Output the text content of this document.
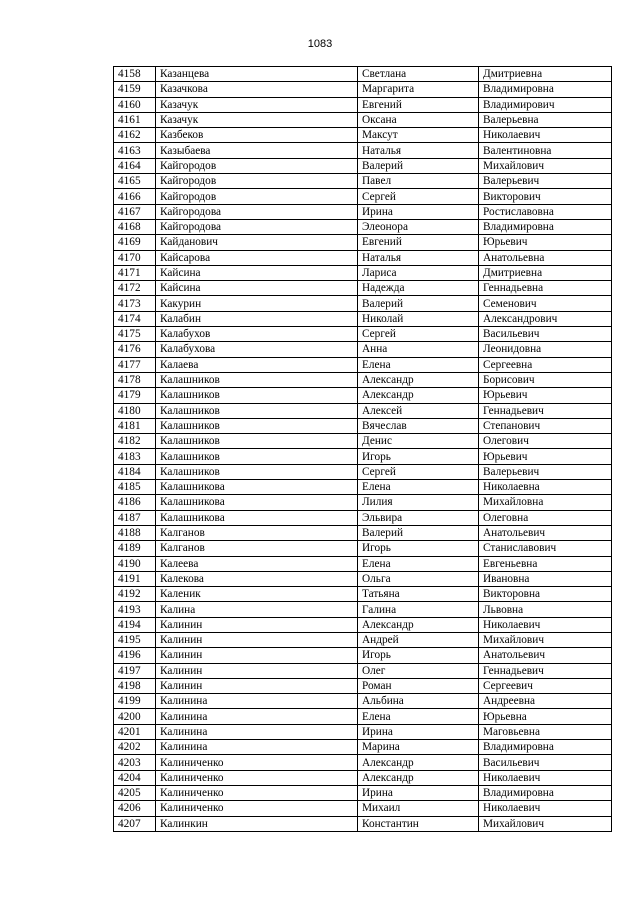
1083
4158	Казанцева	Светлана	Дмитриевна
4159	Казачкова	Маргарита	Владимировна
4160	Казачук	Евгений	Владимирович
4161	Казачук	Оксана	Валерьевна
4162	Казбеков	Максут	Николаевич
4163	Казыбаева	Наталья	Валентиновна
4164	Кайгородов	Валерий	Михайлович
4165	Кайгородов	Павел	Валерьевич
4166	Кайгородов	Сергей	Викторович
4167	Кайгородова	Ирина	Ростиславовна
4168	Кайгородова	Элеонора	Владимировна
4169	Кайданович	Евгений	Юрьевич
4170	Кайсарова	Наталья	Анатольевна
4171	Кайсина	Лариса	Дмитриевна
4172	Кайсина	Надежда	Геннадьевна
4173	Какурин	Валерий	Семенович
4174	Калабин	Николай	Александрович
4175	Калабухов	Сергей	Васильевич
4176	Калабухова	Анна	Леонидовна
4177	Калаева	Елена	Сергеевна
4178	Калашников	Александр	Борисович
4179	Калашников	Александр	Юрьевич
4180	Калашников	Алексей	Геннадьевич
4181	Калашников	Вячеслав	Степанович
4182	Калашников	Денис	Олегович
4183	Калашников	Игорь	Юрьевич
4184	Калашников	Сергей	Валерьевич
4185	Калашникова	Елена	Николаевна
4186	Калашникова	Лилия	Михайловна
4187	Калашникова	Эльвира	Олеговна
4188	Калганов	Валерий	Анатольевич
4189	Калганов	Игорь	Станиславович
4190	Калеева	Елена	Евгеньевна
4191	Калекова	Ольга	Ивановна
4192	Каленик	Татьяна	Викторовна
4193	Калина	Галина	Львовна
4194	Калинин	Александр	Николаевич
4195	Калинин	Андрей	Михайлович
4196	Калинин	Игорь	Анатольевич
4197	Калинин	Олег	Геннадьевич
4198	Калинин	Роман	Сергеевич
4199	Калинина	Альбина	Андреевна
4200	Калинина	Елена	Юрьевна
4201	Калинина	Ирина	Маговьевна
4202	Калинина	Марина	Владимировна
4203	Калиниченко	Александр	Васильевич
4204	Калиниченко	Александр	Николаевич
4205	Калиниченко	Ирина	Владимировна
4206	Калиниченко	Михаил	Николаевич
4207	Калинкин	Константин	Михайлович
